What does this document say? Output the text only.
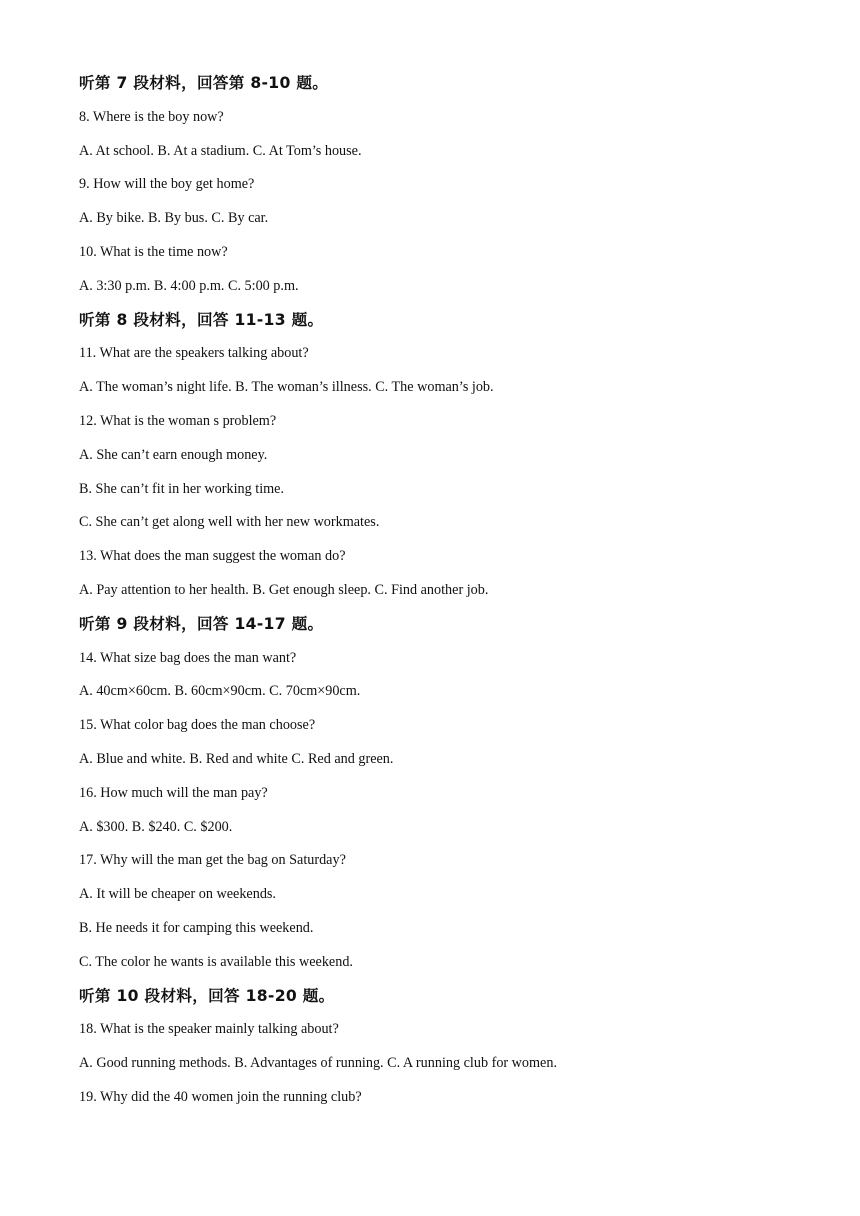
听第 7 段材料，回答第 8-10 题。
8. Where is the boy now?
A. At school. B. At a stadium. C. At Tom’s house.
9. How will the boy get home?
A. By bike. B. By bus. C. By car.
10. What is the time now?
A. 3:30 p.m. B. 4:00 p.m. C. 5:00 p.m.
听第 8 段材料，回答 11-13 题。
11. What are the speakers talking about?
A. The woman’s night life. B. The woman’s illness. C. The woman’s job.
12. What is the woman s problem?
A. She can’t earn enough money.
B. She can’t fit in her working time.
C. She can’t get along well with her new workmates.
13. What does the man suggest the woman do?
A. Pay attention to her health. B. Get enough sleep. C. Find another job.
听第 9 段材料，回答 14-17 题。
14. What size bag does the man want?
A. 40cm×60cm. B. 60cm×90cm. C. 70cm×90cm.
15. What color bag does the man choose?
A. Blue and white. B. Red and white C. Red and green.
16. How much will the man pay?
A. $300. B. $240. C. $200.
17. Why will the man get the bag on Saturday?
A. It will be cheaper on weekends.
B. He needs it for camping this weekend.
C. The color he wants is available this weekend.
听第 10 段材料，回答 18-20 题。
18. What is the speaker mainly talking about?
A. Good running methods. B. Advantages of running. C. A running club for women.
19. Why did the 40 women join the running club?
